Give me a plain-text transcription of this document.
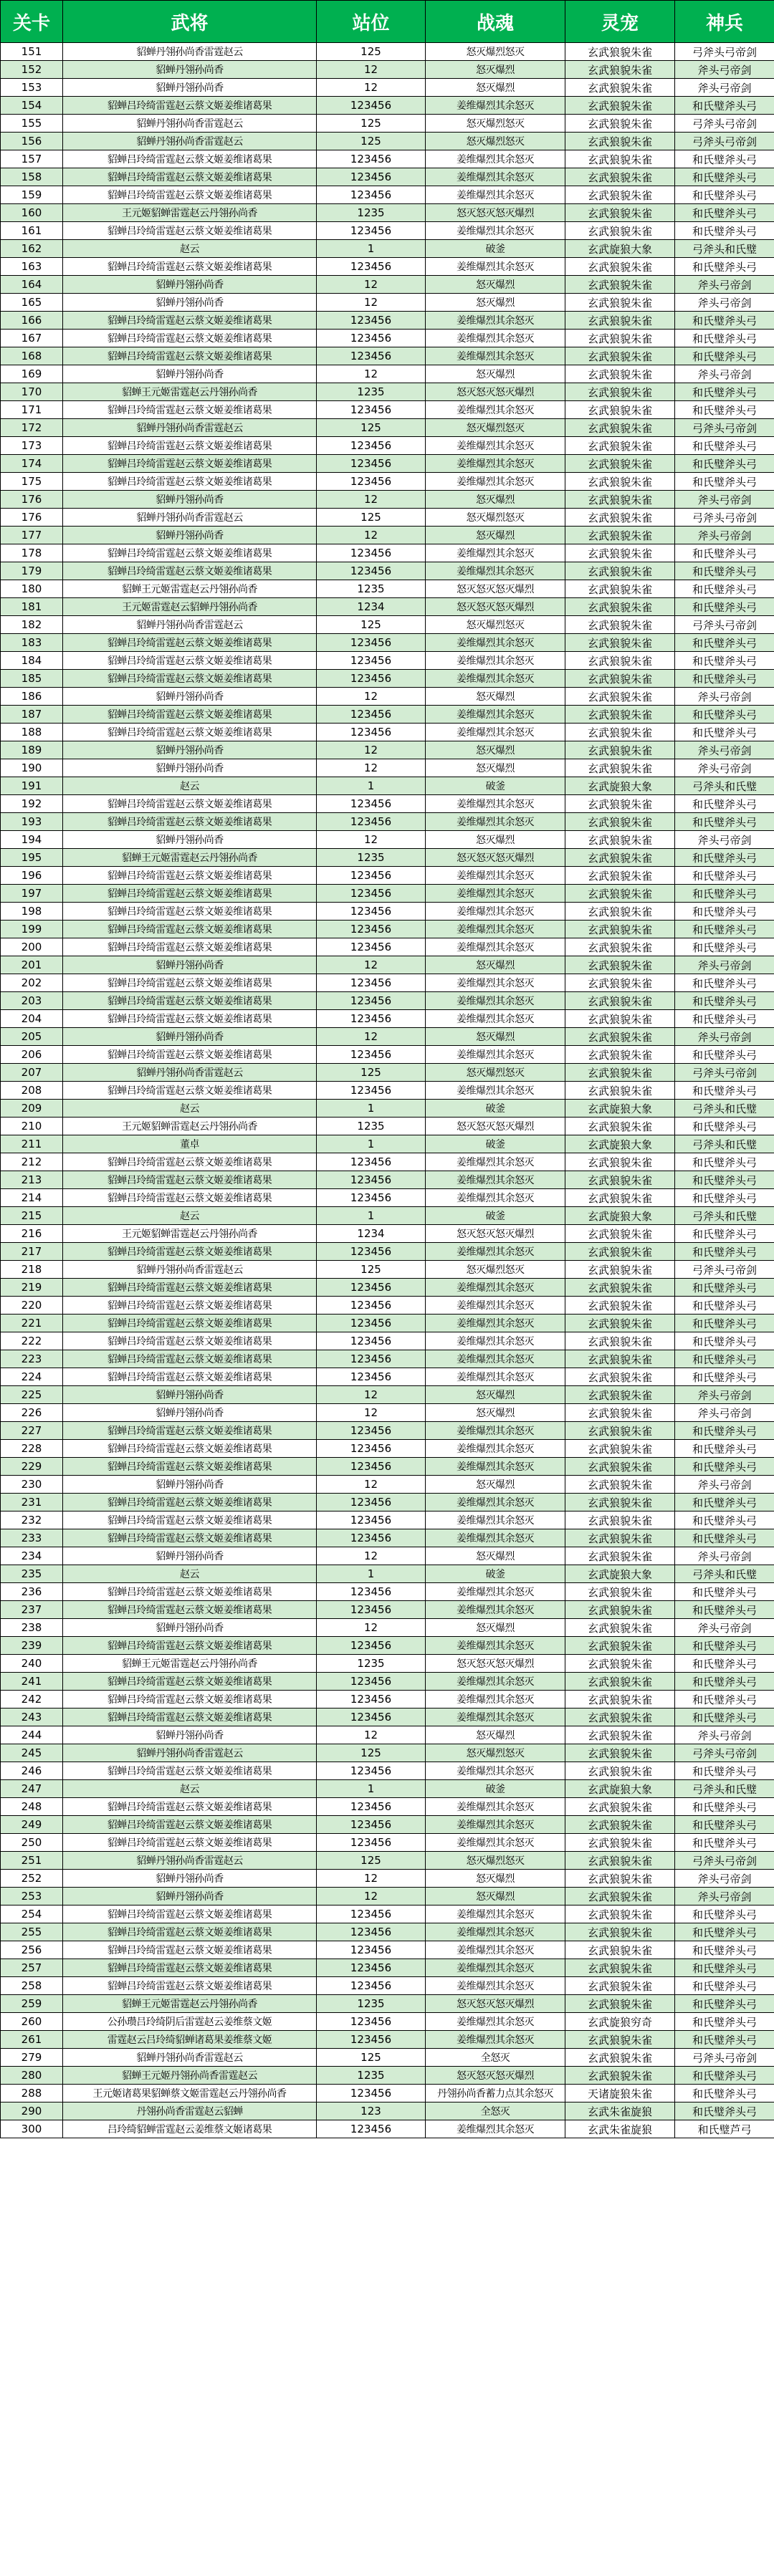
关卡	武将	站位	战魂	灵宠	神兵
151	貂蝉丹翎孙尚香雷霆赵云	125	怒灭爆烈怒灭	玄武狼貌朱雀	弓斧头弓帝剑
152	貂蝉丹翎孙尚香	12	怒灭爆烈	玄武狼貌朱雀	斧头弓帝剑
153	貂蝉丹翎孙尚香	12	怒灭爆烈	玄武狼貌朱雀	斧头弓帝剑
154	貂蝉吕玲绮雷霆赵云蔡文姬姜维诸葛果	123456	姜维爆烈其余怒灭	玄武狼貌朱雀	和氏璧斧头弓
155	貂蝉丹翎孙尚香雷霆赵云	125	怒灭爆烈怒灭	玄武狼貌朱雀	弓斧头弓帝剑
156	貂蝉丹翎孙尚香雷霆赵云	125	怒灭爆烈怒灭	玄武狼貌朱雀	弓斧头弓帝剑
157	貂蝉吕玲绮雷霆赵云蔡文姬姜维诸葛果	123456	姜维爆烈其余怒灭	玄武狼貌朱雀	和氏璧斧头弓
158	貂蝉吕玲绮雷霆赵云蔡文姬姜维诸葛果	123456	姜维爆烈其余怒灭	玄武狼貌朱雀	和氏璧斧头弓
159	貂蝉吕玲绮雷霆赵云蔡文姬姜维诸葛果	123456	姜维爆烈其余怒灭	玄武狼貌朱雀	和氏璧斧头弓
160	王元姬貂蝉雷霆赵云丹翎孙尚香	1235	怒灭怒灭怒灭爆烈	玄武狼貌朱雀	和氏璧斧头弓
161	貂蝉吕玲绮雷霆赵云蔡文姬姜维诸葛果	123456	姜维爆烈其余怒灭	玄武狼貌朱雀	和氏璧斧头弓
162	赵云	1	破釜	玄武旋狼大象	弓斧头和氏璧
163	貂蝉吕玲绮雷霆赵云蔡文姬姜维诸葛果	123456	姜维爆烈其余怒灭	玄武狼貌朱雀	和氏璧斧头弓
164	貂蝉丹翎孙尚香	12	怒灭爆烈	玄武狼貌朱雀	斧头弓帝剑
165	貂蝉丹翎孙尚香	12	怒灭爆烈	玄武狼貌朱雀	斧头弓帝剑
166	貂蝉吕玲绮雷霆赵云蔡文姬姜维诸葛果	123456	姜维爆烈其余怒灭	玄武狼貌朱雀	和氏璧斧头弓
167	貂蝉吕玲绮雷霆赵云蔡文姬姜维诸葛果	123456	姜维爆烈其余怒灭	玄武狼貌朱雀	和氏璧斧头弓
168	貂蝉吕玲绮雷霆赵云蔡文姬姜维诸葛果	123456	姜维爆烈其余怒灭	玄武狼貌朱雀	和氏璧斧头弓
169	貂蝉丹翎孙尚香	12	怒灭爆烈	玄武狼貌朱雀	斧头弓帝剑
170	貂蝉王元姬雷霆赵云丹翎孙尚香	1235	怒灭怒灭怒灭爆烈	玄武狼貌朱雀	和氏璧斧头弓
171	貂蝉吕玲绮雷霆赵云蔡文姬姜维诸葛果	123456	姜维爆烈其余怒灭	玄武狼貌朱雀	和氏璧斧头弓
172	貂蝉丹翎孙尚香雷霆赵云	125	怒灭爆烈怒灭	玄武狼貌朱雀	弓斧头弓帝剑
173	貂蝉吕玲绮雷霆赵云蔡文姬姜维诸葛果	123456	姜维爆烈其余怒灭	玄武狼貌朱雀	和氏璧斧头弓
174	貂蝉吕玲绮雷霆赵云蔡文姬姜维诸葛果	123456	姜维爆烈其余怒灭	玄武狼貌朱雀	和氏璧斧头弓
175	貂蝉吕玲绮雷霆赵云蔡文姬姜维诸葛果	123456	姜维爆烈其余怒灭	玄武狼貌朱雀	和氏璧斧头弓
176	貂蝉丹翎孙尚香	12	怒灭爆烈	玄武狼貌朱雀	斧头弓帝剑
176	貂蝉丹翎孙尚香雷霆赵云	125	怒灭爆烈怒灭	玄武狼貌朱雀	弓斧头弓帝剑
177	貂蝉丹翎孙尚香	12	怒灭爆烈	玄武狼貌朱雀	斧头弓帝剑
178	貂蝉吕玲绮雷霆赵云蔡文姬姜维诸葛果	123456	姜维爆烈其余怒灭	玄武狼貌朱雀	和氏璧斧头弓
179	貂蝉吕玲绮雷霆赵云蔡文姬姜维诸葛果	123456	姜维爆烈其余怒灭	玄武狼貌朱雀	和氏璧斧头弓
180	貂蝉王元姬雷霆赵云丹翎孙尚香	1235	怒灭怒灭怒灭爆烈	玄武狼貌朱雀	和氏璧斧头弓
181	王元姬雷霆赵云貂蝉丹翎孙尚香	1234	怒灭怒灭怒灭爆烈	玄武狼貌朱雀	和氏璧斧头弓
182	貂蝉丹翎孙尚香雷霆赵云	125	怒灭爆烈怒灭	玄武狼貌朱雀	弓斧头弓帝剑
183	貂蝉吕玲绮雷霆赵云蔡文姬姜维诸葛果	123456	姜维爆烈其余怒灭	玄武狼貌朱雀	和氏璧斧头弓
184	貂蝉吕玲绮雷霆赵云蔡文姬姜维诸葛果	123456	姜维爆烈其余怒灭	玄武狼貌朱雀	和氏璧斧头弓
185	貂蝉吕玲绮雷霆赵云蔡文姬姜维诸葛果	123456	姜维爆烈其余怒灭	玄武狼貌朱雀	和氏璧斧头弓
186	貂蝉丹翎孙尚香	12	怒灭爆烈	玄武狼貌朱雀	斧头弓帝剑
187	貂蝉吕玲绮雷霆赵云蔡文姬姜维诸葛果	123456	姜维爆烈其余怒灭	玄武狼貌朱雀	和氏璧斧头弓
188	貂蝉吕玲绮雷霆赵云蔡文姬姜维诸葛果	123456	姜维爆烈其余怒灭	玄武狼貌朱雀	和氏璧斧头弓
189	貂蝉丹翎孙尚香	12	怒灭爆烈	玄武狼貌朱雀	斧头弓帝剑
190	貂蝉丹翎孙尚香	12	怒灭爆烈	玄武狼貌朱雀	斧头弓帝剑
191	赵云	1	破釜	玄武旋狼大象	弓斧头和氏璧
192	貂蝉吕玲绮雷霆赵云蔡文姬姜维诸葛果	123456	姜维爆烈其余怒灭	玄武狼貌朱雀	和氏璧斧头弓
193	貂蝉吕玲绮雷霆赵云蔡文姬姜维诸葛果	123456	姜维爆烈其余怒灭	玄武狼貌朱雀	和氏璧斧头弓
194	貂蝉丹翎孙尚香	12	怒灭爆烈	玄武狼貌朱雀	斧头弓帝剑
195	貂蝉王元姬雷霆赵云丹翎孙尚香	1235	怒灭怒灭怒灭爆烈	玄武狼貌朱雀	和氏璧斧头弓
196	貂蝉吕玲绮雷霆赵云蔡文姬姜维诸葛果	123456	姜维爆烈其余怒灭	玄武狼貌朱雀	和氏璧斧头弓
197	貂蝉吕玲绮雷霆赵云蔡文姬姜维诸葛果	123456	姜维爆烈其余怒灭	玄武狼貌朱雀	和氏璧斧头弓
198	貂蝉吕玲绮雷霆赵云蔡文姬姜维诸葛果	123456	姜维爆烈其余怒灭	玄武狼貌朱雀	和氏璧斧头弓
199	貂蝉吕玲绮雷霆赵云蔡文姬姜维诸葛果	123456	姜维爆烈其余怒灭	玄武狼貌朱雀	和氏璧斧头弓
200	貂蝉吕玲绮雷霆赵云蔡文姬姜维诸葛果	123456	姜维爆烈其余怒灭	玄武狼貌朱雀	和氏璧斧头弓
201	貂蝉丹翎孙尚香	12	怒灭爆烈	玄武狼貌朱雀	斧头弓帝剑
202	貂蝉吕玲绮雷霆赵云蔡文姬姜维诸葛果	123456	姜维爆烈其余怒灭	玄武狼貌朱雀	和氏璧斧头弓
203	貂蝉吕玲绮雷霆赵云蔡文姬姜维诸葛果	123456	姜维爆烈其余怒灭	玄武狼貌朱雀	和氏璧斧头弓
204	貂蝉吕玲绮雷霆赵云蔡文姬姜维诸葛果	123456	姜维爆烈其余怒灭	玄武狼貌朱雀	和氏璧斧头弓
205	貂蝉丹翎孙尚香	12	怒灭爆烈	玄武狼貌朱雀	斧头弓帝剑
206	貂蝉吕玲绮雷霆赵云蔡文姬姜维诸葛果	123456	姜维爆烈其余怒灭	玄武狼貌朱雀	和氏璧斧头弓
207	貂蝉丹翎孙尚香雷霆赵云	125	怒灭爆烈怒灭	玄武狼貌朱雀	弓斧头弓帝剑
208	貂蝉吕玲绮雷霆赵云蔡文姬姜维诸葛果	123456	姜维爆烈其余怒灭	玄武狼貌朱雀	和氏璧斧头弓
209	赵云	1	破釜	玄武旋狼大象	弓斧头和氏璧
210	王元姬貂蝉雷霆赵云丹翎孙尚香	1235	怒灭怒灭怒灭爆烈	玄武狼貌朱雀	和氏璧斧头弓
211	董卓	1	破釜	玄武旋狼大象	弓斧头和氏璧
212	貂蝉吕玲绮雷霆赵云蔡文姬姜维诸葛果	123456	姜维爆烈其余怒灭	玄武狼貌朱雀	和氏璧斧头弓
213	貂蝉吕玲绮雷霆赵云蔡文姬姜维诸葛果	123456	姜维爆烈其余怒灭	玄武狼貌朱雀	和氏璧斧头弓
214	貂蝉吕玲绮雷霆赵云蔡文姬姜维诸葛果	123456	姜维爆烈其余怒灭	玄武狼貌朱雀	和氏璧斧头弓
215	赵云	1	破釜	玄武旋狼大象	弓斧头和氏璧
216	王元姬貂蝉雷霆赵云丹翎孙尚香	1234	怒灭怒灭怒灭爆烈	玄武狼貌朱雀	和氏璧斧头弓
217	貂蝉吕玲绮雷霆赵云蔡文姬姜维诸葛果	123456	姜维爆烈其余怒灭	玄武狼貌朱雀	和氏璧斧头弓
218	貂蝉丹翎孙尚香雷霆赵云	125	怒灭爆烈怒灭	玄武狼貌朱雀	弓斧头弓帝剑
219	貂蝉吕玲绮雷霆赵云蔡文姬姜维诸葛果	123456	姜维爆烈其余怒灭	玄武狼貌朱雀	和氏璧斧头弓
220	貂蝉吕玲绮雷霆赵云蔡文姬姜维诸葛果	123456	姜维爆烈其余怒灭	玄武狼貌朱雀	和氏璧斧头弓
221	貂蝉吕玲绮雷霆赵云蔡文姬姜维诸葛果	123456	姜维爆烈其余怒灭	玄武狼貌朱雀	和氏璧斧头弓
222	貂蝉吕玲绮雷霆赵云蔡文姬姜维诸葛果	123456	姜维爆烈其余怒灭	玄武狼貌朱雀	和氏璧斧头弓
223	貂蝉吕玲绮雷霆赵云蔡文姬姜维诸葛果	123456	姜维爆烈其余怒灭	玄武狼貌朱雀	和氏璧斧头弓
224	貂蝉吕玲绮雷霆赵云蔡文姬姜维诸葛果	123456	姜维爆烈其余怒灭	玄武狼貌朱雀	和氏璧斧头弓
225	貂蝉丹翎孙尚香	12	怒灭爆烈	玄武狼貌朱雀	斧头弓帝剑
226	貂蝉丹翎孙尚香	12	怒灭爆烈	玄武狼貌朱雀	斧头弓帝剑
227	貂蝉吕玲绮雷霆赵云蔡文姬姜维诸葛果	123456	姜维爆烈其余怒灭	玄武狼貌朱雀	和氏璧斧头弓
228	貂蝉吕玲绮雷霆赵云蔡文姬姜维诸葛果	123456	姜维爆烈其余怒灭	玄武狼貌朱雀	和氏璧斧头弓
229	貂蝉吕玲绮雷霆赵云蔡文姬姜维诸葛果	123456	姜维爆烈其余怒灭	玄武狼貌朱雀	和氏璧斧头弓
230	貂蝉丹翎孙尚香	12	怒灭爆烈	玄武狼貌朱雀	斧头弓帝剑
231	貂蝉吕玲绮雷霆赵云蔡文姬姜维诸葛果	123456	姜维爆烈其余怒灭	玄武狼貌朱雀	和氏璧斧头弓
232	貂蝉吕玲绮雷霆赵云蔡文姬姜维诸葛果	123456	姜维爆烈其余怒灭	玄武狼貌朱雀	和氏璧斧头弓
233	貂蝉吕玲绮雷霆赵云蔡文姬姜维诸葛果	123456	姜维爆烈其余怒灭	玄武狼貌朱雀	和氏璧斧头弓
234	貂蝉丹翎孙尚香	12	怒灭爆烈	玄武狼貌朱雀	斧头弓帝剑
235	赵云	1	破釜	玄武旋狼大象	弓斧头和氏璧
236	貂蝉吕玲绮雷霆赵云蔡文姬姜维诸葛果	123456	姜维爆烈其余怒灭	玄武狼貌朱雀	和氏璧斧头弓
237	貂蝉吕玲绮雷霆赵云蔡文姬姜维诸葛果	123456	姜维爆烈其余怒灭	玄武狼貌朱雀	和氏璧斧头弓
238	貂蝉丹翎孙尚香	12	怒灭爆烈	玄武狼貌朱雀	斧头弓帝剑
239	貂蝉吕玲绮雷霆赵云蔡文姬姜维诸葛果	123456	姜维爆烈其余怒灭	玄武狼貌朱雀	和氏璧斧头弓
240	貂蝉王元姬雷霆赵云丹翎孙尚香	1235	怒灭怒灭怒灭爆烈	玄武狼貌朱雀	和氏璧斧头弓
241	貂蝉吕玲绮雷霆赵云蔡文姬姜维诸葛果	123456	姜维爆烈其余怒灭	玄武狼貌朱雀	和氏璧斧头弓
242	貂蝉吕玲绮雷霆赵云蔡文姬姜维诸葛果	123456	姜维爆烈其余怒灭	玄武狼貌朱雀	和氏璧斧头弓
243	貂蝉吕玲绮雷霆赵云蔡文姬姜维诸葛果	123456	姜维爆烈其余怒灭	玄武狼貌朱雀	和氏璧斧头弓
244	貂蝉丹翎孙尚香	12	怒灭爆烈	玄武狼貌朱雀	斧头弓帝剑
245	貂蝉丹翎孙尚香雷霆赵云	125	怒灭爆烈怒灭	玄武狼貌朱雀	弓斧头弓帝剑
246	貂蝉吕玲绮雷霆赵云蔡文姬姜维诸葛果	123456	姜维爆烈其余怒灭	玄武狼貌朱雀	和氏璧斧头弓
247	赵云	1	破釜	玄武旋狼大象	弓斧头和氏璧
248	貂蝉吕玲绮雷霆赵云蔡文姬姜维诸葛果	123456	姜维爆烈其余怒灭	玄武狼貌朱雀	和氏璧斧头弓
249	貂蝉吕玲绮雷霆赵云蔡文姬姜维诸葛果	123456	姜维爆烈其余怒灭	玄武狼貌朱雀	和氏璧斧头弓
250	貂蝉吕玲绮雷霆赵云蔡文姬姜维诸葛果	123456	姜维爆烈其余怒灭	玄武狼貌朱雀	和氏璧斧头弓
251	貂蝉丹翎孙尚香雷霆赵云	125	怒灭爆烈怒灭	玄武狼貌朱雀	弓斧头弓帝剑
252	貂蝉丹翎孙尚香	12	怒灭爆烈	玄武狼貌朱雀	斧头弓帝剑
253	貂蝉丹翎孙尚香	12	怒灭爆烈	玄武狼貌朱雀	斧头弓帝剑
254	貂蝉吕玲绮雷霆赵云蔡文姬姜维诸葛果	123456	姜维爆烈其余怒灭	玄武狼貌朱雀	和氏璧斧头弓
255	貂蝉吕玲绮雷霆赵云蔡文姬姜维诸葛果	123456	姜维爆烈其余怒灭	玄武狼貌朱雀	和氏璧斧头弓
256	貂蝉吕玲绮雷霆赵云蔡文姬姜维诸葛果	123456	姜维爆烈其余怒灭	玄武狼貌朱雀	和氏璧斧头弓
257	貂蝉吕玲绮雷霆赵云蔡文姬姜维诸葛果	123456	姜维爆烈其余怒灭	玄武狼貌朱雀	和氏璧斧头弓
258	貂蝉吕玲绮雷霆赵云蔡文姬姜维诸葛果	123456	姜维爆烈其余怒灭	玄武狼貌朱雀	和氏璧斧头弓
259	貂蝉王元姬雷霆赵云丹翎孙尚香	1235	怒灭怒灭怒灭爆烈	玄武狼貌朱雀	和氏璧斧头弓
260	公孙瓒吕玲绮阴后雷霆赵云姜维蔡文姬	123456	姜维爆烈其余怒灭	玄武旋狼穷奇	和氏璧斧头弓
261	雷霆赵云吕玲绮貂蝉诸葛果姜维蔡文姬	123456	姜维爆烈其余怒灭	玄武狼貌朱雀	和氏璧斧头弓
279	貂蝉丹翎孙尚香雷霆赵云	125	全怒灭	玄武狼貌朱雀	弓斧头弓帝剑
280	貂蝉王元姬丹翎孙尚香雷霆赵云	1235	怒灭怒灭怒灭爆烈	玄武狼貌朱雀	和氏璧斧头弓
288	王元姬诸葛果貂蝉蔡文姬雷霆赵云丹翎孙尚香	123456	丹翎孙尚香蓄力点其余怒灭	天诸旋狼朱雀	和氏璧斧头弓
290	丹翎孙尚香雷霆赵云貂蝉	123	全怒灭	玄武朱雀旋狼	和氏璧斧头弓
300	吕玲绮貂蝉雷霆赵云姜维蔡文姬诸葛果	123456	姜维爆烈其余怒灭	玄武朱雀旋狼	和氏璧芦弓
